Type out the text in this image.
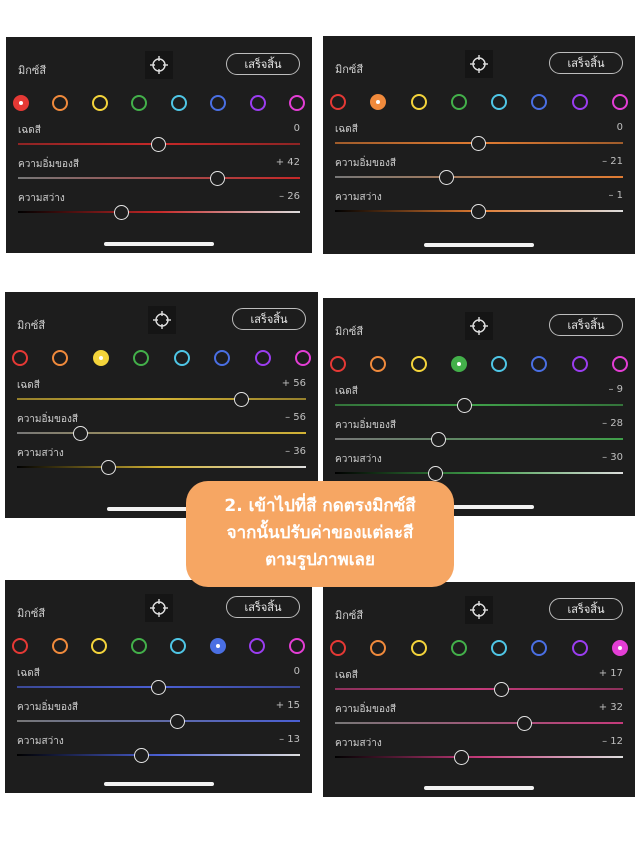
มิกซ์สี	เสร็จสิ้น
เฉดสี	0
ความอิ่มของสี	+ 42
ความสว่าง	– 26
มิกซ์สี	เสร็จสิ้น
เฉดสี	0
ความอิ่มของสี	– 21
ความสว่าง	– 1
มิกซ์สี	เสร็จสิ้น
เฉดสี	+ 56
ความอิ่มของสี	– 56
ความสว่าง	– 36
มิกซ์สี	เสร็จสิ้น
เฉดสี	– 9
ความอิ่มของสี	– 28
ความสว่าง	– 30
มิกซ์สี	เสร็จสิ้น
เฉดสี	0
ความอิ่มของสี	+ 15
ความสว่าง	– 13
มิกซ์สี	เสร็จสิ้น
เฉดสี	+ 17
ความอิ่มของสี	+ 32
ความสว่าง	– 12
2. เข้าไปที่สี กดตรงมิกซ์สี
จากนั้นปรับค่าของแต่ละสี
ตามรูปภาพเลย
